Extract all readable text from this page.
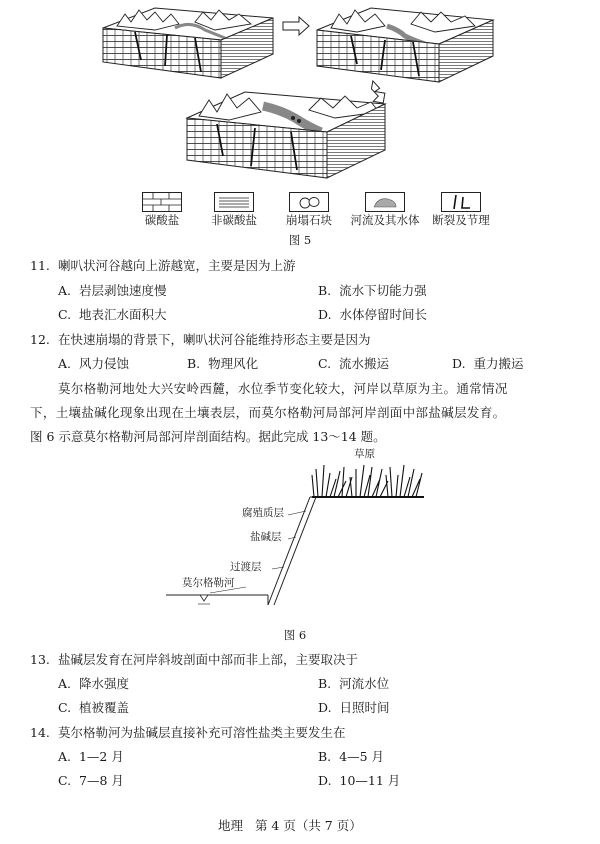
碳酸盐	非碳酸盐	崩塌石块	河流及其水体	断裂及节理
图 5
11. 喇叭状河谷越向上游越宽，主要是因为上游
A. 岩层剥蚀速度慢	B. 流水下切能力强
C. 地表汇水面积大	D. 水体停留时间长
12. 在快速崩塌的背景下，喇叭状河谷能维持形态主要是因为
A. 风力侵蚀	B. 物理风化	C. 流水搬运	D. 重力搬运
莫尔格勒河地处大兴安岭西麓，水位季节变化较大，河岸以草原为主。通常情况
下，土壤盐碱化现象出现在土壤表层，而莫尔格勒河局部河岸剖面中部盐碱层发育。
图 6 示意莫尔格勒河局部河岸剖面结构。据此完成 13～14 题。
草原
腐殖质层
盐碱层
过渡层
莫尔格勒河
图 6
13. 盐碱层发育在河岸斜坡剖面中部而非上部，主要取决于
A. 降水强度	B. 河流水位
C. 植被覆盖	D. 日照时间
14. 莫尔格勒河为盐碱层直接补充可溶性盐类主要发生在
A. 1—2 月	B. 4—5 月
C. 7—8 月	D. 10—11 月
地理 第 4 页（共 7 页）
